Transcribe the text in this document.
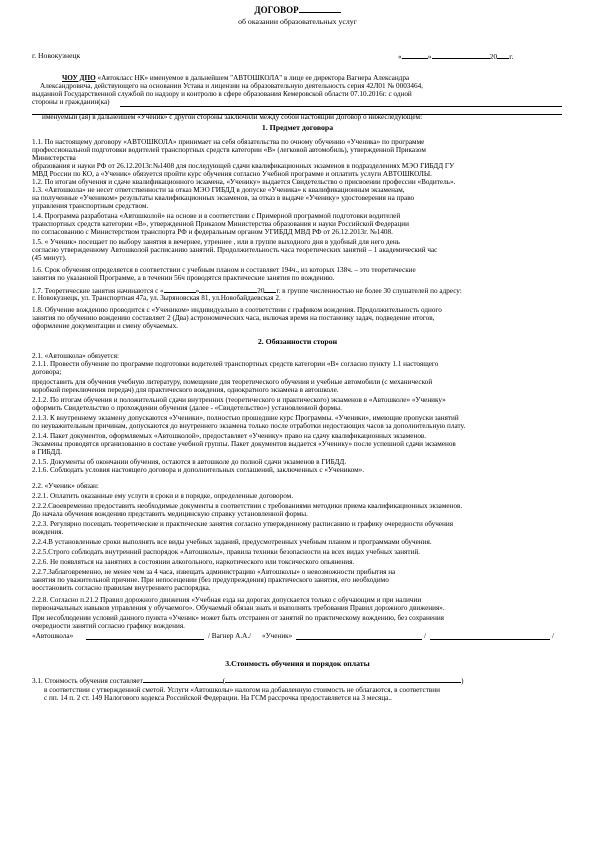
ДОГОВОР
об оказании образовательных услуг
г. Новокузнецк	«	»	20 г.
ЧОУ ДПО «Автокласс НК» именуемое в дальнейшем "АВТОШКОЛА" в лице ее директора Вагнера Александра
Александровича, действующего на основании Устава и лицензии на образовательную деятельность серия 42Л01 № 0003464,
выданной Государственной службой по надзору и контролю в сфере образования Кемеровской области 07.10.2016г. с одной
стороны и гражданин(ка)
именуемый (ая) в дальнейшем «Ученик» с другой стороны заключили между собой настоящий Договор о нижеследующем:
1. Предмет договора
1.1. По настоящему договору «АВТОШКОЛА» принимает на себя обязательства по очному обучению «Ученика» по программе
профессиональной подготовки водителей транспортных средств категории «В» (легковой автомобиль), утвержденной Приказом
Министерства
образования и науки РФ от 26.12.2013г.№1408 для последующей сдачи квалификационных экзаменов в подразделениях МЭО ГИБДД ГУ
МВД России по КО, а «Ученик» обязуется пройти курс обучения согласно Учебной программе и оплатить услуги АВТОШКОЛЫ.
1.2. По итогам обучения и сдаче квалификационного экзамена, «Ученику» выдается Свидетельство о присвоении профессии «Водитель».
1.3. «Автошкола» не несет ответственности за отказ МЭО ГИБДД в допуске «Ученика» к квалификационным экзаменам,
на полученные «Учеником» результаты квалификационных экзаменов, за отказ в выдаче «Ученику» удостоверения на право
управления транспортным средством.
1.4. Программа разработана «Автошколой» на основе и в соответствии с Примерной программой подготовки водителей
транспортных средств категории «В», утвержденной Приказом Министерства образования и науки Российской Федерации
по согласованию с Министерством транспорта РФ и федеральным органом УГИБДД МВД РФ от 26.12.2013г. №1408.
1.5. « Ученик» посещает по выбору занятия в вечернее, утреннее , или в группе выходного дня в удобный для него день
согласно утвержденному Автошколой расписанию занятий. Продолжительность часа теоретических занятий – 1 академический час
(45 минут).
1.6. Срок обучения определяется в соответствии с учебным планом и составляет 194ч., из которых 138ч. – это теоретические
занятия по указанной Программе, а в течении 56ч проводятся практические занятия по вождению.
1.7. Теоретические занятия начинаются с «	»	20 г. в группе численностью не более 30 слушателей по адресу:
г. Новокузнецк, ул. Транспортная 47а, ул. Зыряновская 81, ул.Новобайдаевская 2.
1.8. Обучение вождению проводится с «Учеником» индивидуально в соответствии с графиком вождения. Продолжительность одного
занятия по обучению вождению составляет 2 (Два) астрономических часа, включая время на постановку задач, подведение итогов,
оформление документации и смену обучаемых.
2. Обязанности сторон
2.1. «Автошкола» обязуется:
2.1.1. Провести обучение по программе подготовки водителей транспортных средств категории «В» согласно пункту 1.1 настоящего
договора;
предоставить для обучения учебную литературу, помещение для теоретического обучения и учебные автомобили (с механической
коробкой переключения передач) для практического вождения, однократного экзамена в автошколе.
2.1.2. По итогам обучения и положительной сдачи внутренних (теоретического и практического) экзаменов в «Автошколе» «Ученику»
оформить Свидетельство о прохождении обучения (далее - «Свидетельство») установленной формы.
2.1.3. К внутреннему экзамену допускаются «Ученики», полностью прошедшие курс Программы. «Ученики», имеющие пропуски занятий
по неуважительным причинам, допускаются до внутреннего экзамена только после отработки недостающих часов за дополнительную плату.
2.1.4. Пакет документов, оформляемых «Автошколой», предоставляет «Ученику» право на сдачу квалификационных экзаменов.
Экзамены проводятся организованно в составе учебной группы. Пакет документов выдается «Ученику» после успешной сдачи экзаменов
в ГИБДД.
2.1.5. Документы об окончании обучения, остаются в автошколе до полной сдачи экзаменов в ГИБДД.
2.1.6. Соблюдать условия настоящего договора и дополнительных соглашений, заключенных с «Учеником».
2.2. «Ученик» обязан:
2.2.1. Оплатить оказанные ему услуги в сроки и в порядке, определенные договором.
2.2.2.Своевременно предоставить необходимые документы в соответствии с требованиями методики приема квалификационных экзаменов.
До начала обучения вождению представить медицинскую справку установленной формы.
2.2.3. Регулярно посещать теоретические и практические занятия согласно утвержденному расписанию и графику очередности обучения
вождения.
2.2.4.В установленные сроки выполнять все виды учебных заданий, предусмотренных учебным планом и программами обучения.
2.2.5.Строго соблюдать внутренний распорядок «Автошколы», правила техники безопасности на всех видах учебных занятий.
2.2.6. Не появляться на занятиях в состоянии алкогольного, наркотического или токсического опьянения.
2.2.7.Заблаговременно, не менее чем за 4 часа, извещать администрацию «Автошколы» о невозможности прибытия на
занятия по уважительной причине. При непосещении (без предупреждения) практического занятия, его необходимо
восстановить согласно правилам внутреннего распорядка.
2.2.8. Согласно п.21.2 Правил дорожного движения «Учебная езда на дорогах допускается только с обучающим и при наличии
первоначальных навыков управления у обучаемого». Обучаемый обязан знать и выполнять требования Правил дорожного движения».
При несоблюдении условий данного пункта «Ученик» может быть отстранен от занятий по практическому вождению, без сохранения
очередности занятий согласно графику вождения.
«Автошкола»	/ Вагнер А.А./ «Ученик»	/	/
3.Стоимость обучения и порядок оплаты
3.1. Стоимость обучения составляет	(	)
в соответствии с утвержденной сметой. Услуги «Автошколы» налогом на добавленную стоимость не облагаются, в соответствии
с пп. 14 п. 2 ст. 149 Налогового кодекса Российской Федерации. На ГСМ рассрочка предоставляется на 3 месяца..
